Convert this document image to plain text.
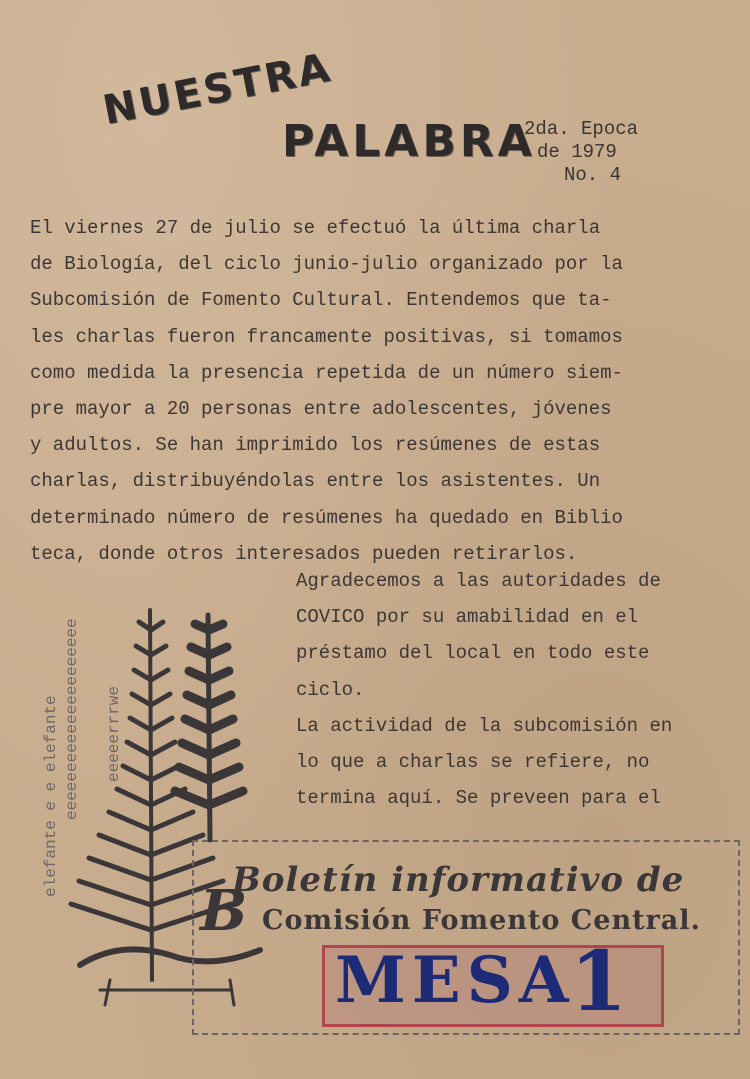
NUESTRA
PALABRA
2da. Epoca
de 1979
No. 4
El viernes 27 de julio se efectuó la última charla
de Biología, del ciclo junio-julio organizado por la
Subcomisión de Fomento Cultural. Entendemos que ta-
les charlas fueron francamente positivas, si tomamos
como medida la presencia repetida de un número siem-
pre mayor a 20 personas entre adolescentes, jóvenes
y adultos. Se han imprimido los resúmenes de estas
charlas, distribuyéndolas entre los asistentes. Un
determinado número de resúmenes ha quedado en Biblio
teca, donde otros interesados pueden retirarlos.
Agradecemos a las autoridades de
COVICO por su amabilidad en el
préstamo del local en todo este
ciclo.
La actividad de la subcomisión en
lo que a charlas se refiere, no
termina aquí. Se preveen para el
elefante e e elefante eeeeeeeeeeeeeeeeeeeee eeeeerrrwe
B
Boletín informativo de
Comisión Fomento Central.
MESA
1
